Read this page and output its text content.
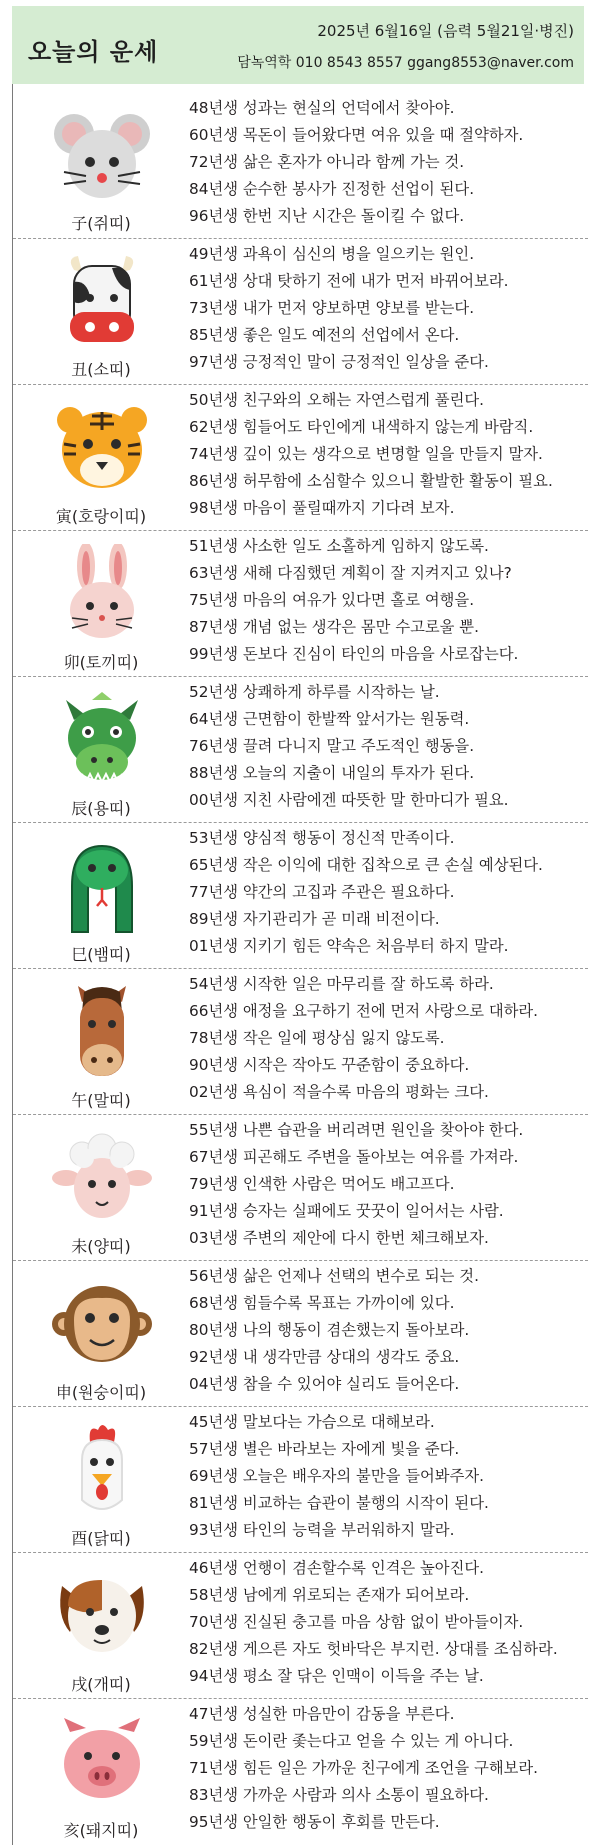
오늘의 운세
2025년 6월16일 (음력 5월21일·병진)
담녹역학 010 8543 8557 ggang8553@naver.com
子(쥐띠)
48년생 성과는 현실의 언덕에서 찾아야.
60년생 목돈이 들어왔다면 여유 있을 때 절약하자.
72년생 삶은 혼자가 아니라 함께 가는 것.
84년생 순수한 봉사가 진정한 선업이 된다.
96년생 한번 지난 시간은 돌이킬 수 없다.
丑(소띠)
49년생 과욕이 심신의 병을 일으키는 원인.
61년생 상대 탓하기 전에 내가 먼저 바뀌어보라.
73년생 내가 먼저 양보하면 양보를 받는다.
85년생 좋은 일도 예전의 선업에서 온다.
97년생 긍정적인 말이 긍정적인 일상을 준다.
寅(호랑이띠)
50년생 친구와의 오해는 자연스럽게 풀린다.
62년생 힘들어도 타인에게 내색하지 않는게 바람직.
74년생 깊이 있는 생각으로 변명할 일을 만들지 말자.
86년생 허무함에 소심할수 있으니 활발한 활동이 필요.
98년생 마음이 풀릴때까지 기다려 보자.
卯(토끼띠)
51년생 사소한 일도 소홀하게 임하지 않도록.
63년생 새해 다짐했던 계획이 잘 지켜지고 있나?
75년생 마음의 여유가 있다면 홀로 여행을.
87년생 개념 없는 생각은 몸만 수고로울 뿐.
99년생 돈보다 진심이 타인의 마음을 사로잡는다.
辰(용띠)
52년생 상쾌하게 하루를 시작하는 날.
64년생 근면함이 한발짝 앞서가는 원동력.
76년생 끌려 다니지 말고 주도적인 행동을.
88년생 오늘의 지출이 내일의 투자가 된다.
00년생 지친 사람에겐 따뜻한 말 한마디가 필요.
巳(뱀띠)
53년생 양심적 행동이 정신적 만족이다.
65년생 작은 이익에 대한 집착으로 큰 손실 예상된다.
77년생 약간의 고집과 주관은 필요하다.
89년생 자기관리가 곧 미래 비전이다.
01년생 지키기 힘든 약속은 처음부터 하지 말라.
午(말띠)
54년생 시작한 일은 마무리를 잘 하도록 하라.
66년생 애정을 요구하기 전에 먼저 사랑으로 대하라.
78년생 작은 일에 평상심 잃지 않도록.
90년생 시작은 작아도 꾸준함이 중요하다.
02년생 욕심이 적을수록 마음의 평화는 크다.
未(양띠)
55년생 나쁜 습관을 버리려면 원인을 찾아야 한다.
67년생 피곤해도 주변을 돌아보는 여유를 가져라.
79년생 인색한 사람은 먹어도 배고프다.
91년생 승자는 실패에도 꿋꿋이 일어서는 사람.
03년생 주변의 제안에 다시 한번 체크해보자.
申(원숭이띠)
56년생 삶은 언제나 선택의 변수로 되는 것.
68년생 힘들수록 목표는 가까이에 있다.
80년생 나의 행동이 겸손했는지 돌아보라.
92년생 내 생각만큼 상대의 생각도 중요.
04년생 참을 수 있어야 실리도 들어온다.
酉(닭띠)
45년생 말보다는 가슴으로 대해보라.
57년생 별은 바라보는 자에게 빛을 준다.
69년생 오늘은 배우자의 불만을 들어봐주자.
81년생 비교하는 습관이 불행의 시작이 된다.
93년생 타인의 능력을 부러워하지 말라.
戌(개띠)
46년생 언행이 겸손할수록 인격은 높아진다.
58년생 남에게 위로되는 존재가 되어보라.
70년생 진실된 충고를 마음 상함 없이 받아들이자.
82년생 게으른 자도 헛바닥은 부지런. 상대를 조심하라.
94년생 평소 잘 닦은 인맥이 이득을 주는 날.
亥(돼지띠)
47년생 성실한 마음만이 감동을 부른다.
59년생 돈이란 좇는다고 얻을 수 있는 게 아니다.
71년생 힘든 일은 가까운 친구에게 조언을 구해보라.
83년생 가까운 사람과 의사 소통이 필요하다.
95년생 안일한 행동이 후회를 만든다.
